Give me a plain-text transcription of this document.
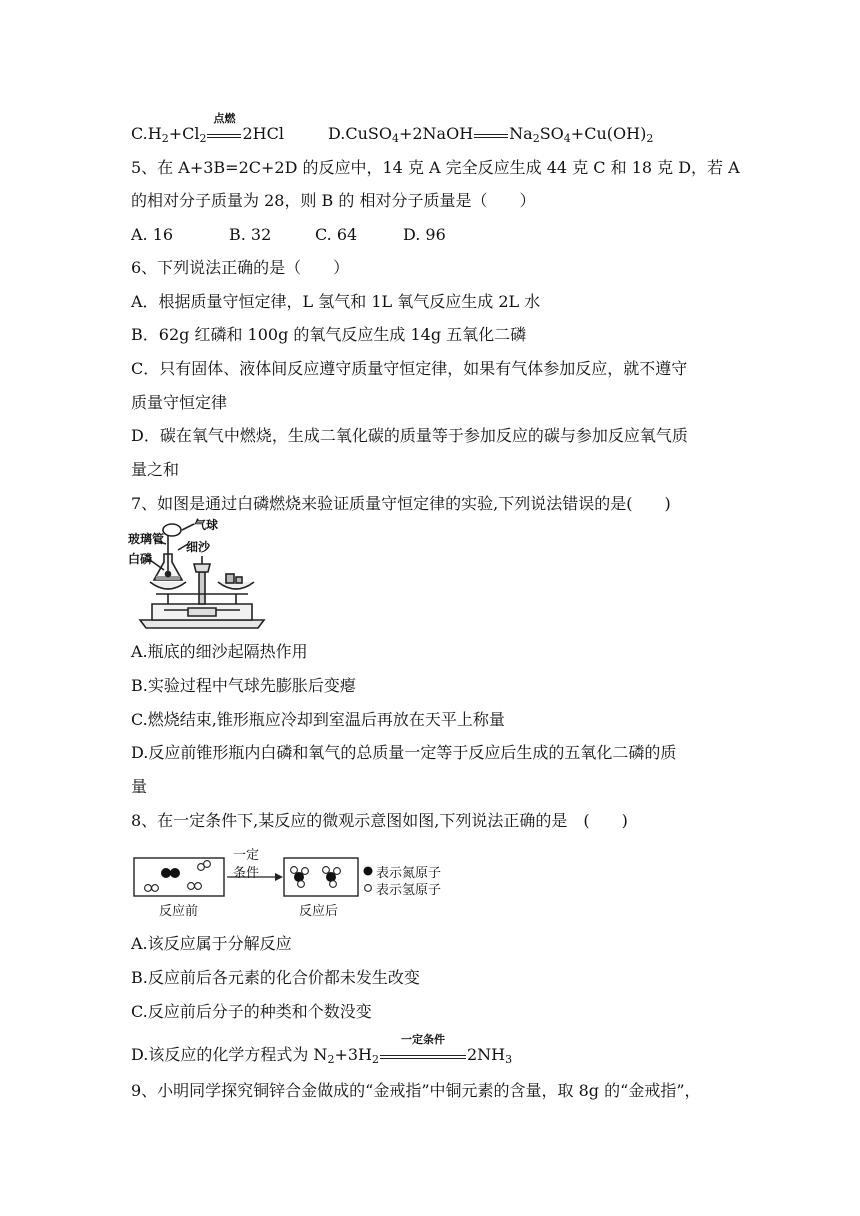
$C.H_2+Cl_2$
点燃
2HCl	D.CuSO$_4$+2NaOH $Na_2SO_4+Cu(OH)_2$
5、在 A+3B=2C+2D 的反应中，14 克 A 完全反应生成 44 克 C 和 18 克 D，若 A
的相对分子质量为 28，则 B 的 相对分子质量是（　　）
A. 16	B. 32	C. 64	D. 96
6、下列说法正确的是（　　）
A．根据质量守恒定律，L 氢气和 1L 氧气反应生成 2L 水
B．62g 红磷和 100g 的氧气反应生成 14g 五氧化二磷
C．只有固体、液体间反应遵守质量守恒定律，如果有气体参加反应，就不遵守
质量守恒定律
D．碳在氧气中燃烧，生成二氧化碳的质量等于参加反应的碳与参加反应氧气质
量之和
7、如图是通过白磷燃烧来验证质量守恒定律的实验,下列说法错误的是(　　)
气球
玻璃管
细沙
白磷
A.瓶底的细沙起隔热作用
B.实验过程中气球先膨胀后变瘪
C.燃烧结束,锥形瓶应冷却到室温后再放在天平上称量
D.反应前锥形瓶内白磷和氧气的总质量一定等于反应后生成的五氧化二磷的质
量
8、在一定条件下,某反应的微观示意图如图,下列说法正确的是　(　　)
一定
条件
反应前	反应后
表示氮原子
表示氢原子
A.该反应属于分解反应
B.反应前后各元素的化合价都未发生改变
C.反应前后分子的种类和个数没变
D.该反应的化学方程式为 $N_2+3H_2$
一定条件
$2NH_3$
9、小明同学探究铜锌合金做成的“金戒指”中铜元素的含量，取 8g 的“金戒指”，
